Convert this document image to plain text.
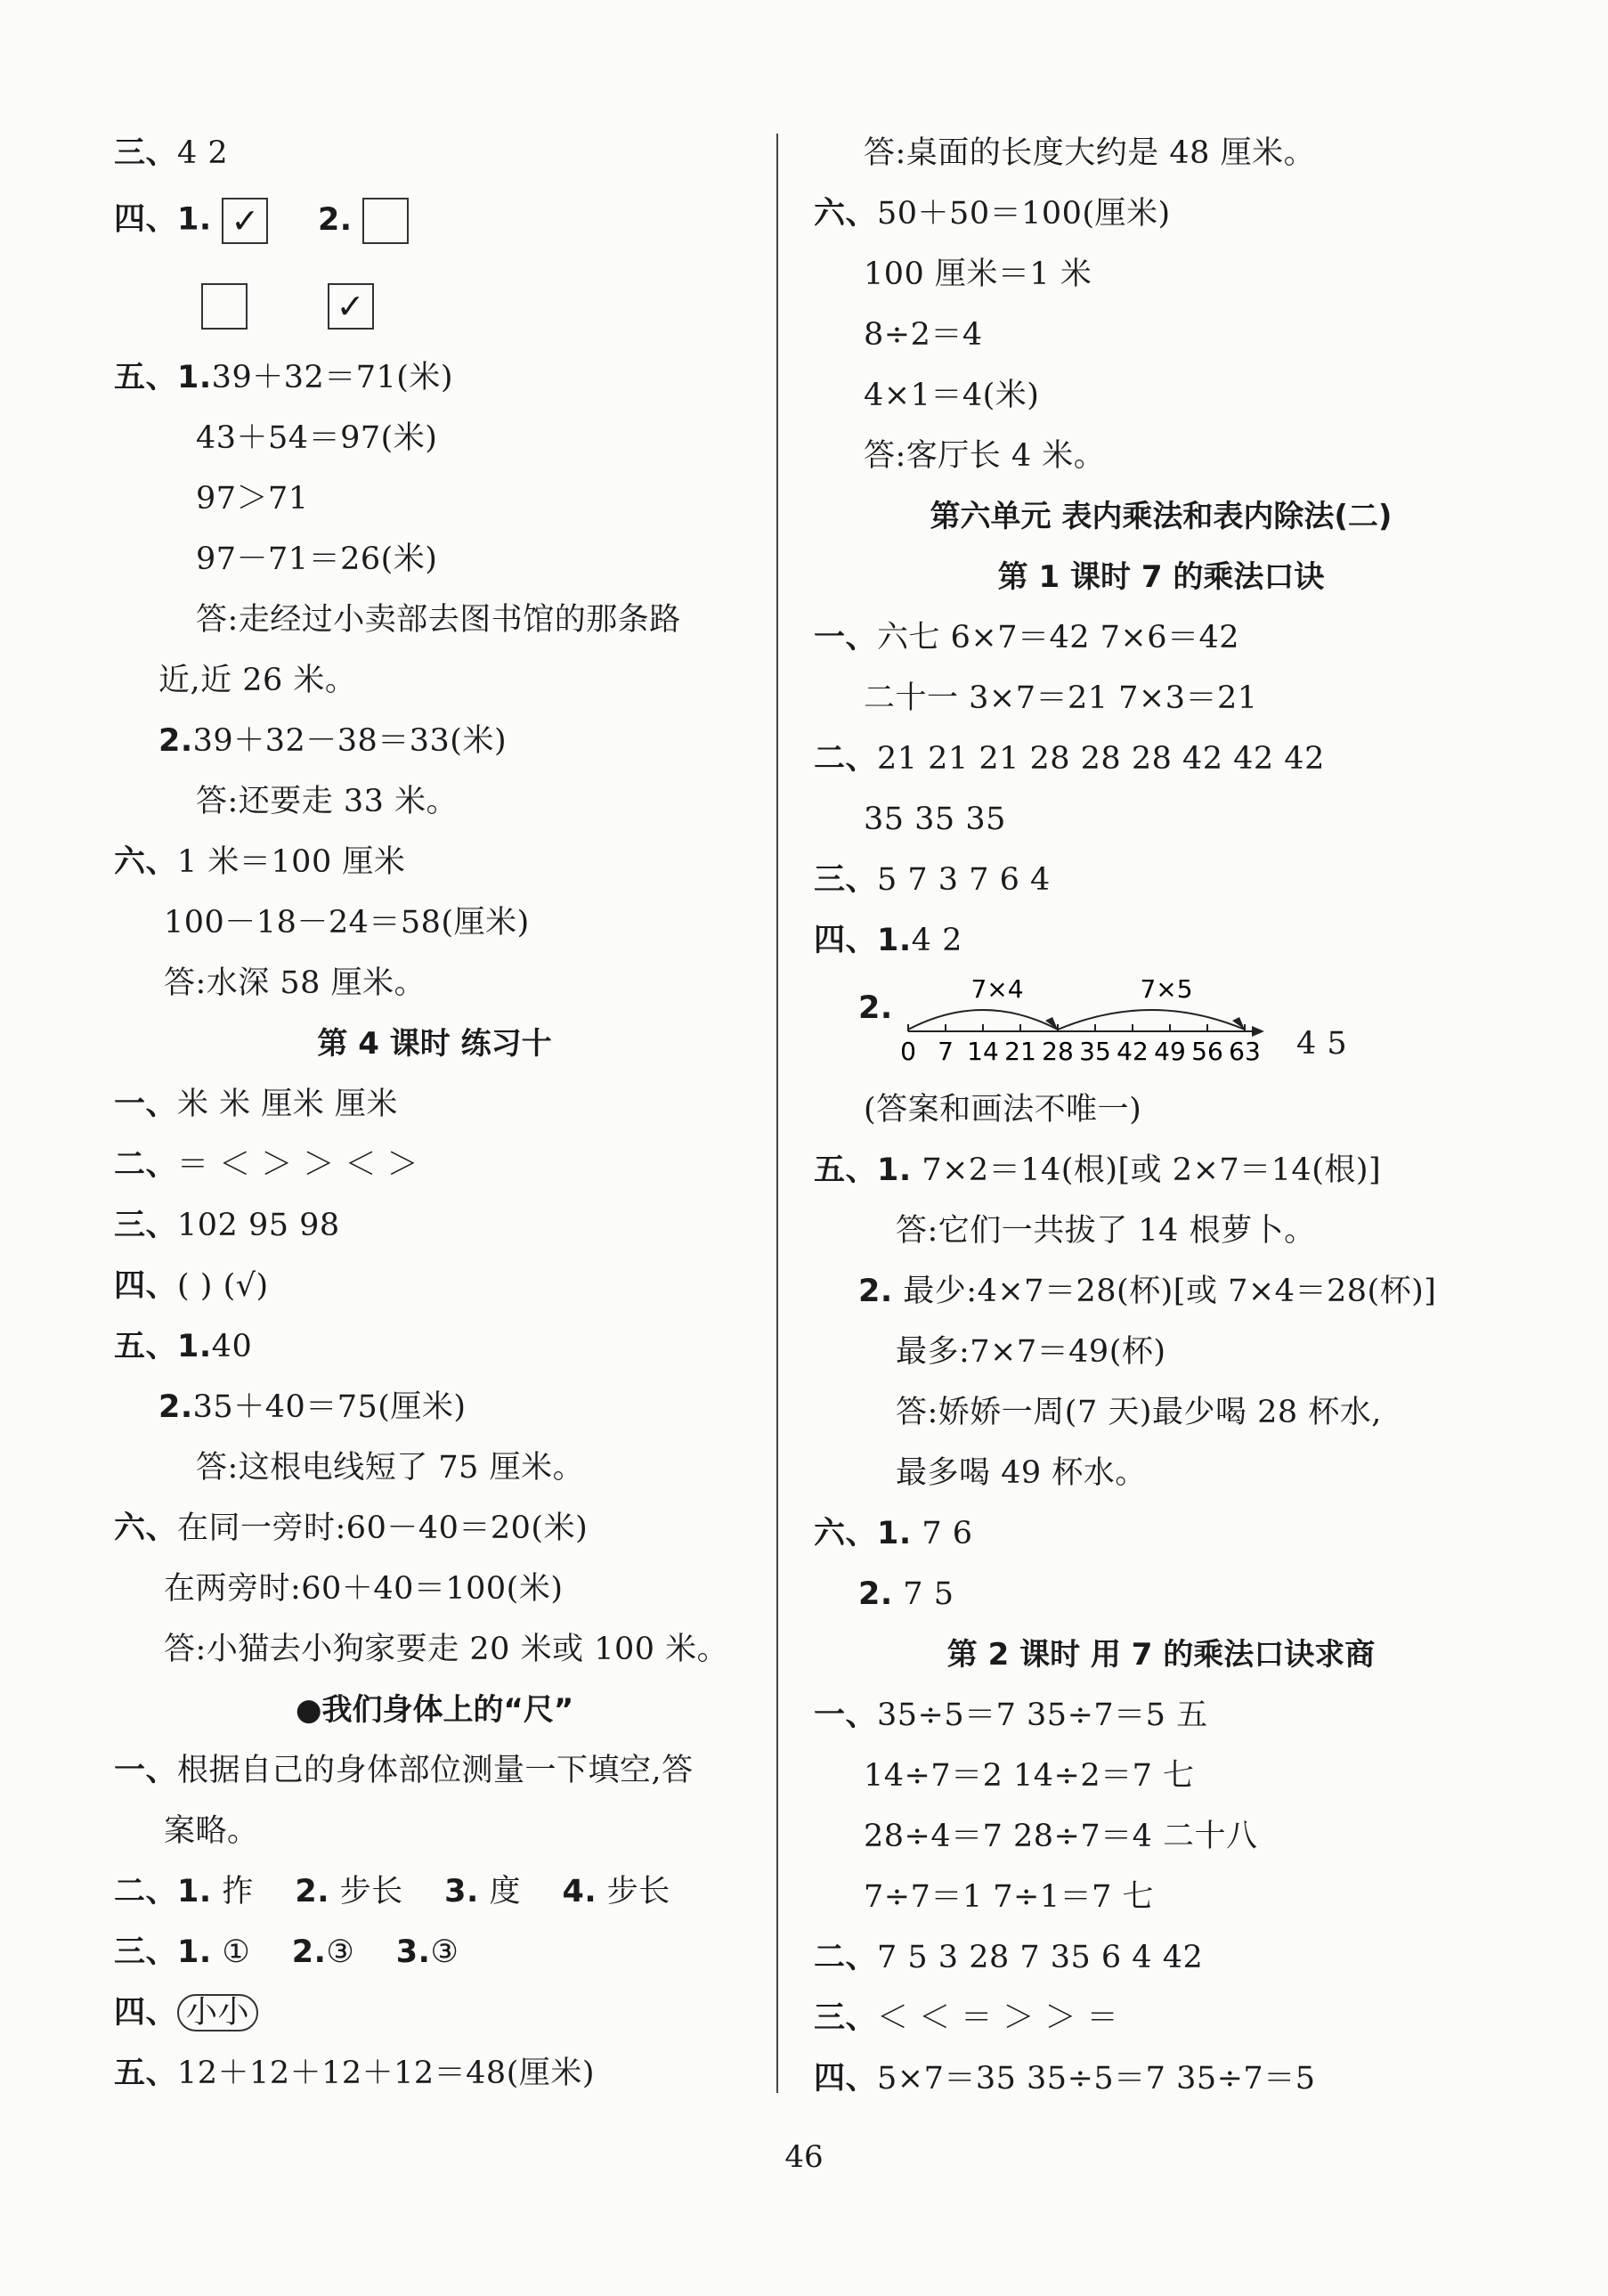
三、4 2
四、1. ✓ 2.

✓
五、1.39＋32＝71(米)
43＋54＝97(米)
97＞71
97－71＝26(米)
答:走经过小卖部去图书馆的那条路
近,近 26 米。
2.39＋32－38＝33(米)
答:还要走 33 米。
六、1 米＝100 厘米
100－18－24＝58(厘米)
答:水深 58 厘米。
第 4 课时 练习十
一、米 米 厘米 厘米
二、＝ ＜ ＞ ＞ ＜ ＞
三、102 95 98
四、( ) (√)
五、1.40
2.35＋40＝75(厘米)
答:这根电线短了 75 厘米。
六、在同一旁时:60－40＝20(米)
在两旁时:60＋40＝100(米)
答:小猫去小狗家要走 20 米或 100 米。
●我们身体上的“尺”
一、根据自己的身体部位测量一下填空,答
案略。
二、1. 拃 2. 步长 3. 度 4. 步长
三、1. ① 2.③ 3.③
四、 小小
五、12＋12＋12＋12＝48(厘米)
答:桌面的长度大约是 48 厘米。
六、50＋50＝100(厘米)
100 厘米＝1 米
8÷2＝4
4×1＝4(米)
答:客厅长 4 米。
第六单元 表内乘法和表内除法(二)
第 1 课时 7 的乘法口诀
一、六七 6×7＝42 7×6＝42
二十一 3×7＝21 7×3＝21
二、21 21 21 28 28 28 42 42 42
35 35 35
三、5 7 3 7 6 4
四、1.4 2
2.
0 7 14 21 28 35 42 49 56 63
7×4	7×5
4 5
(答案和画法不唯一)
五、1. 7×2＝14(根)[或 2×7＝14(根)]
答:它们一共拔了 14 根萝卜。
2. 最少:4×7＝28(杯)[或 7×4＝28(杯)]
最多:7×7＝49(杯)
答:娇娇一周(7 天)最少喝 28 杯水,
最多喝 49 杯水。
六、1. 7 6
2. 7 5
第 2 课时 用 7 的乘法口诀求商
一、35÷5＝7 35÷7＝5 五
14÷7＝2 14÷2＝7 七
28÷4＝7 28÷7＝4 二十八
7÷7＝1 7÷1＝7 七
二、7 5 3 28 7 35 6 4 42
三、＜ ＜ ＝ ＞ ＞ ＝
四、5×7＝35 35÷5＝7 35÷7＝5
46
